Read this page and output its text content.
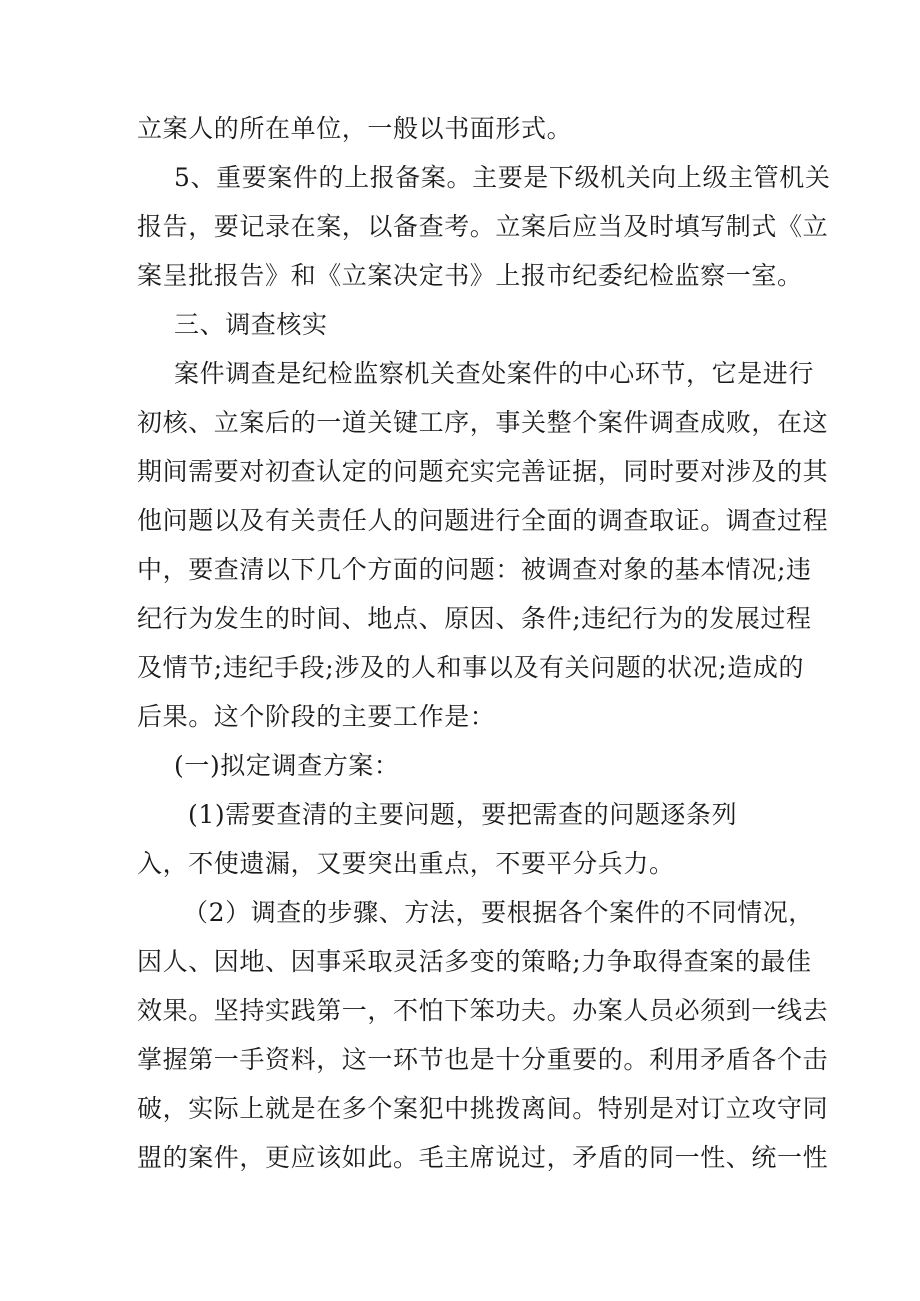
立案人的所在单位，一般以书面形式。
5、重要案件的上报备案。主要是下级机关向上级主管机关
报告，要记录在案，以备查考。立案后应当及时填写制式《立
案呈批报告》和《立案决定书》上报市纪委纪检监察一室。
三、调查核实
案件调查是纪检监察机关查处案件的中心环节，它是进行
初核、立案后的一道关键工序，事关整个案件调查成败，在这
期间需要对初查认定的问题充实完善证据，同时要对涉及的其
他问题以及有关责任人的问题进行全面的调查取证。调查过程
中，要查清以下几个方面的问题：被调查对象的基本情况;违
纪行为发生的时间、地点、原因、条件;违纪行为的发展过程
及情节;违纪手段;涉及的人和事以及有关问题的状况;造成的
后果。这个阶段的主要工作是：
(一)拟定调查方案：
(1)需要查清的主要问题，要把需查的问题逐条列
入，不使遗漏，又要突出重点，不要平分兵力。
（2）调查的步骤、方法，要根据各个案件的不同情况，
因人、因地、因事采取灵活多变的策略;力争取得查案的最佳
效果。坚持实践第一，不怕下笨功夫。办案人员必须到一线去
掌握第一手资料，这一环节也是十分重要的。利用矛盾各个击
破，实际上就是在多个案犯中挑拨离间。特别是对订立攻守同
盟的案件，更应该如此。毛主席说过，矛盾的同一性、统一性
